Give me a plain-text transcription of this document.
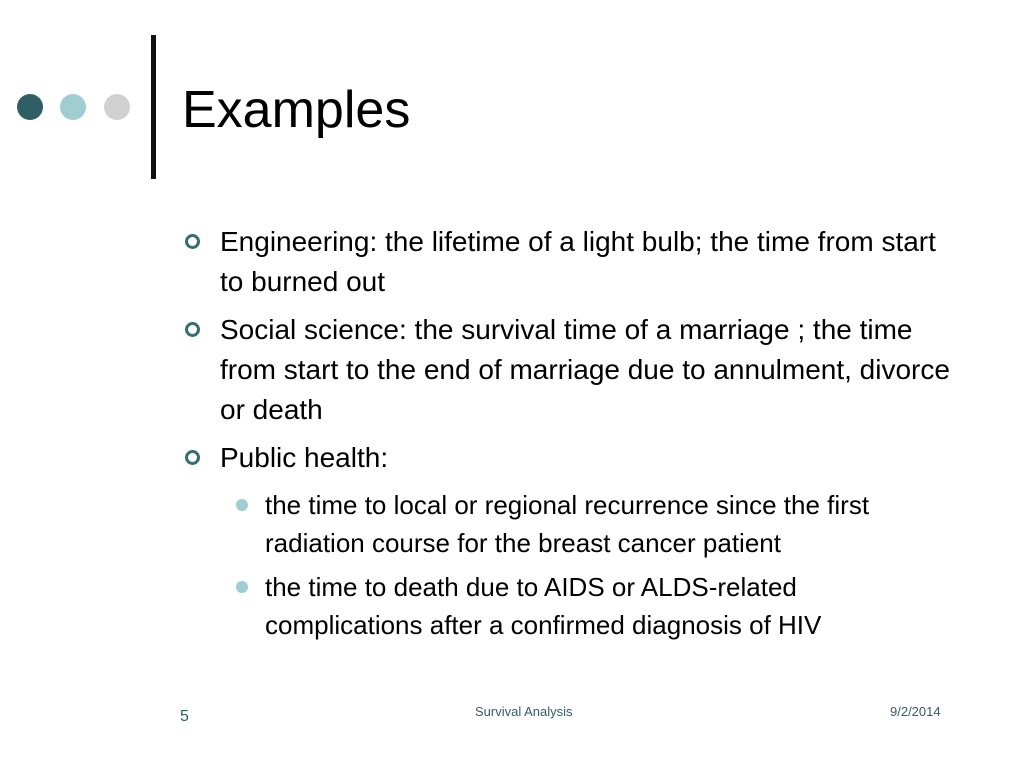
Examples
Engineering: the lifetime of a light bulb; the time from start to burned out
Social science: the survival time of a marriage ; the time from start to the end of marriage due to annulment, divorce or death
Public health:
the time to local or regional recurrence since the first radiation course for the breast cancer patient
the time to death due to AIDS or ALDS-related complications after a confirmed diagnosis of HIV
5	Survival Analysis	9/2/2014
